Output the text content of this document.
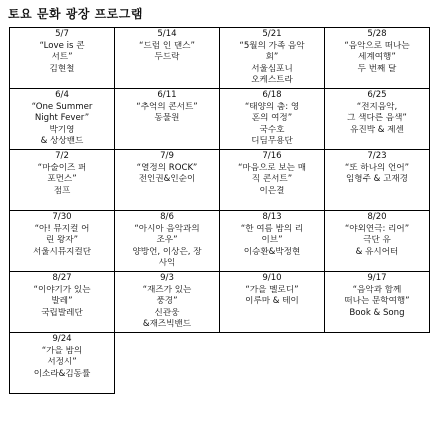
토요 문화 광장 프로그램
5/7
“Love is 콘
서트”
김현철	5/14
“드럼 인 댄스”
두드락	5/21
“5월의 가족 음악
회”
서울심포니
오케스트라	5/28
“음악으로 떠나는
세계여행”
두 번째 달

6/4
“One Summer
Night Fever”
박기영
& 상상밴드	6/11
“추억의 콘서트”
동물원	6/18
“태양의 춤: 영
혼의 여정”
국수호
디딤무용단	6/25
“전지음악,
그 색다른 음색”
유진박 & 제센

7/2
“마술이즈 퍼
포먼스”
점프	7/9
“열정의 ROCK”
전인권&인순이	7/16
“마음으로 보는 매
직 콘서트”
이은결	7/23
“또 하나의 언어”
임형주 & 고재경

7/30
“아! 뮤지컬 어
린 왕자”
서울시뮤지컬단	8/6
“아시아 음악과의
조우”
양방언, 이상은, 장
사익	8/13
“한 여름 밤의 리
이브”
이승환&박정현	8/20
“야외연극: 리어”
극단 유
& 유시어터

8/27
“이야기가 있는
발레”
국립발레단	9/3
“재즈가 있는
풍경”
신관웅
&재즈빅밴드	9/10
“가을 멜로디”
이루마 & 테이	9/17
“음악과 함께
떠나는 문학여행”
Book & Song

9/24
“가을 밤의
서정시”
이소라&김동률			
